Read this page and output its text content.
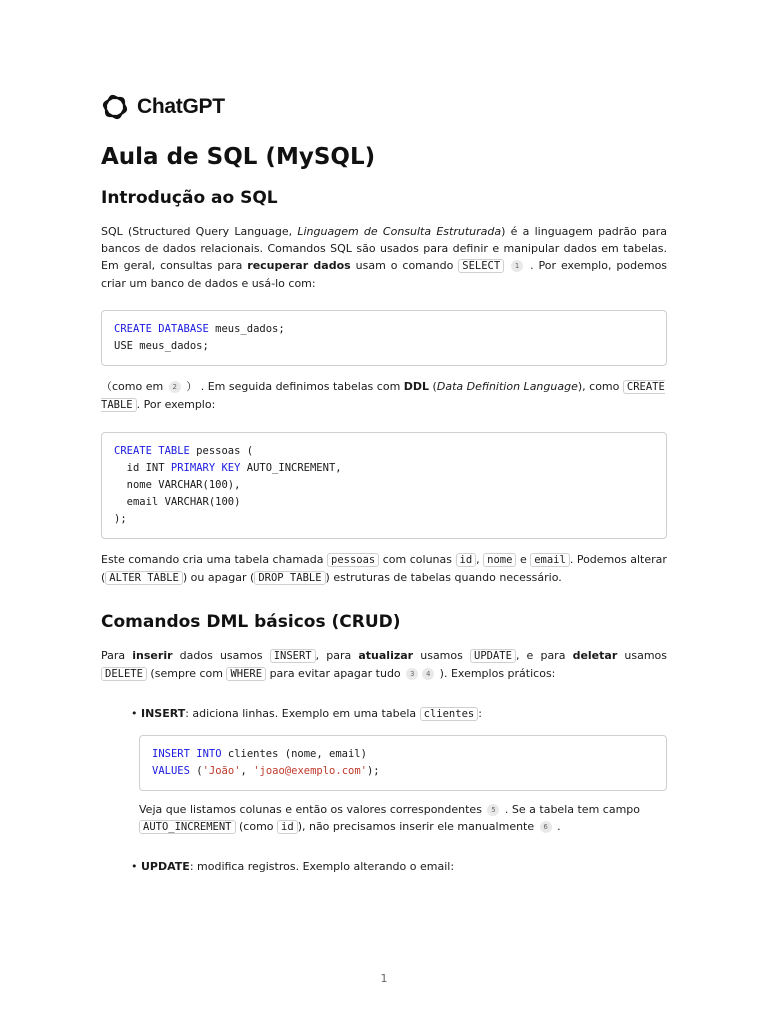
ChatGPT
Aula de SQL (MySQL)
Introdução ao SQL

SQL (Structured Query Language, Linguagem de Consulta Estruturada) é a linguagem padrão para bancos de dados relacionais. Comandos SQL são usados para definir e manipular dados em tabelas. Em geral, consultas para recuperar dados usam o comando SELECT 1 . Por exemplo, podemos criar um banco de dados e usá-lo com:

CREATE DATABASE meus_dados;
USE meus_dados;

（como em 2 ） . Em seguida definimos tabelas com DDL (Data Definition Language), como CREATE TABLE . Por exemplo:

CREATE TABLE pessoas (
id INT PRIMARY KEY AUTO_INCREMENT,
nome VARCHAR(100),
email VARCHAR(100)
);

Este comando cria uma tabela chamada pessoas com colunas id , nome e email . Podemos alterar ( ALTER TABLE ) ou apagar ( DROP TABLE ) estruturas de tabelas quando necessário.

Comandos DML básicos (CRUD)

Para inserir dados usamos INSERT , para atualizar usamos UPDATE , e para deletar usamos DELETE (sempre com WHERE para evitar apagar tudo 3 4 ). Exemplos práticos:

• INSERT: adiciona linhas. Exemplo em uma tabela clientes :
INSERT INTO clientes (nome, email)
VALUES ('João', 'joao@exemplo.com');

Veja que listamos colunas e então os valores correspondentes 5 . Se a tabela tem campo
AUTO_INCREMENT (como id ), não precisamos inserir ele manualmente 6 .

• UPDATE: modifica registros. Exemplo alterando o email:
1
